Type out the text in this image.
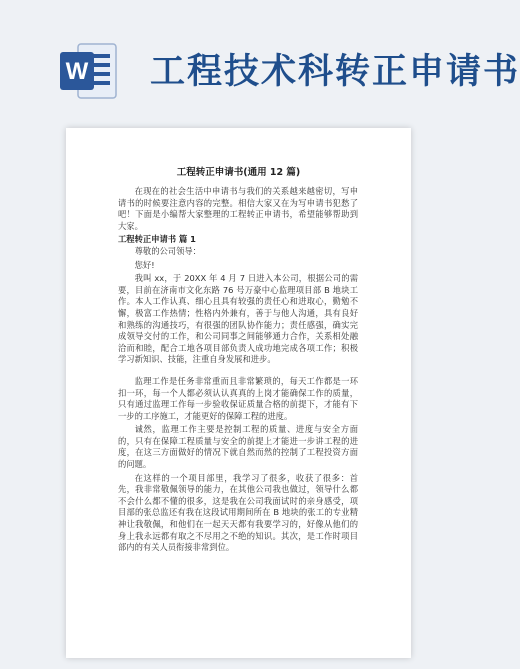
W 工程技术科转正申请书
工程转正申请书(通用 12 篇)

在现在的社会生活中申请书与我们的关系越来越密切，写申请书的时候要注意内容的完整。相信大家又在为写申请书犯愁了吧！下面是小编帮大家整理的工程转正申请书，希望能够帮助到大家。

工程转正申请书 篇 1

尊敬的公司领导：

您好!

我叫 xx，于 20XX 年 4 月 7 日进入本公司，根据公司的需要，目前在济南市文化东路 76 号万豪中心监理项目部 B 地块工作。本人工作认真、细心且具有较强的责任心和进取心，勤勉不懈，极富工作热情；性格内外兼有，善于与他人沟通，具有良好和熟练的沟通技巧，有很强的团队协作能力；责任感强，确实完成领导交付的工作，和公司同事之间能够通力合作，关系相处融洽而和睦，配合工地各项目部负责人成功地完成各项工作；积极学习新知识、技能，注重自身发展和进步。

监理工作是任务非常重而且非常繁琐的，每天工作都是一环扣一环，每一个人都必须认认真真的上岗才能确保工作的质量，只有通过监理工作每一步验收保证质量合格的前提下，才能有下一步的工序施工，才能更好的保障工程的进度。

诚然，监理工作主要是控制工程的质量、进度与安全方面的，只有在保障工程质量与安全的前提上才能进一步讲工程的进度，在这三方面做好的情况下就自然而然的控制了工程投资方面的问题。

在这样的一个项目部里，我学习了很多，收获了很多：首先，我非常敬佩领导的能力，在其他公司我也做过，领导什么都不会什么都不懂的很多，这是我在公司我面试时的亲身感受，项目部的张总监还有我在这段试用期间所在 B 地块的张工的专业精神让我敬佩，和他们在一起天天都有我要学习的，好像从他们的身上我永远都有取之不尽用之不绝的知识。其次，是工作时项目部内的有关人员衔接非常到位。
